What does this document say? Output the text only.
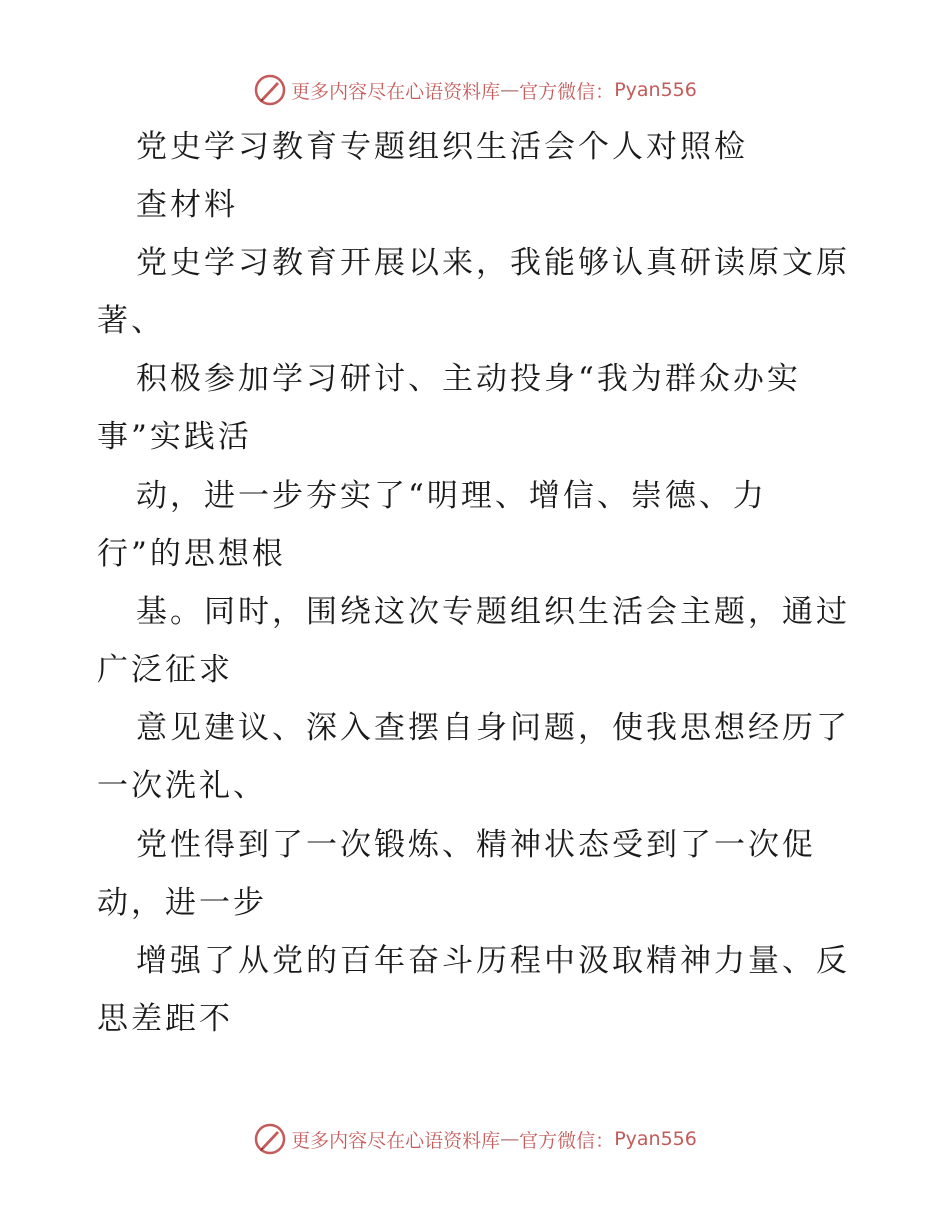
更多内容尽在心语资料库 — 官方微信： Pyan556
党史学习教育专题组织生活会个人对照检
查材料
党史学习教育开展以来，我能够认真研读原文原
著、
积极参加学习研讨、主动投身“我为群众办实
事”实践活
动，进一步夯实了“明理、增信、崇德、力
行”的思想根
基。同时，围绕这次专题组织生活会主题，通过
广泛征求
意见建议、深入查摆自身问题，使我思想经历了
一次洗礼、
党性得到了一次锻炼、精神状态受到了一次促
动，进一步
增强了从党的百年奋斗历程中汲取精神力量、反
思差距不
更多内容尽在心语资料库 — 官方微信： Pyan556
